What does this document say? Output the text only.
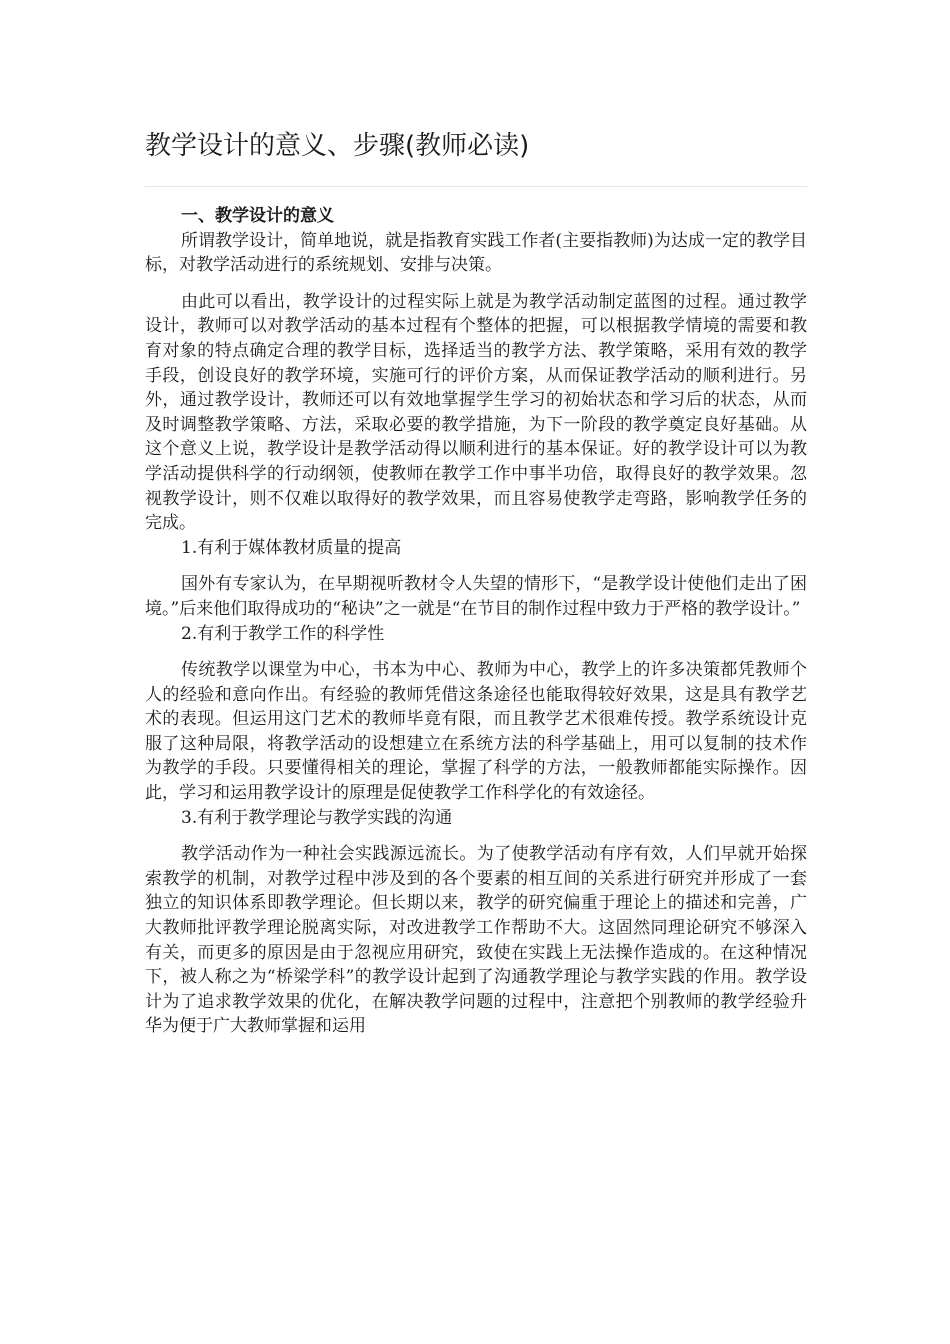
教学设计的意义、步骤(教师必读)

一、教学设计的意义

所谓教学设计，简单地说，就是指教育实践工作者(主要指教师)为达成一定的教学目标，对教学活动进行的系统规划、安排与决策。

由此可以看出，教学设计的过程实际上就是为教学活动制定蓝图的过程。通过教学设计，教师可以对教学活动的基本过程有个整体的把握，可以根据教学情境的需要和教育对象的特点确定合理的教学目标，选择适当的教学方法、教学策略，采用有效的教学手段，创设良好的教学环境，实施可行的评价方案，从而保证教学活动的顺利进行。另外，通过教学设计，教师还可以有效地掌握学生学习的初始状态和学习后的状态，从而及时调整教学策略、方法，采取必要的教学措施，为下一阶段的教学奠定良好基础。从这个意义上说，教学设计是教学活动得以顺利进行的基本保证。好的教学设计可以为教学活动提供科学的行动纲领，使教师在教学工作中事半功倍，取得良好的教学效果。忽视教学设计，则不仅难以取得好的教学效果，而且容易使教学走弯路，影响教学任务的完成。

1.有利于媒体教材质量的提高

国外有专家认为，在早期视听教材令人失望的情形下，“是教学设计使他们走出了困境。”后来他们取得成功的“秘诀”之一就是“在节目的制作过程中致力于严格的教学设计。”

2.有利于教学工作的科学性

传统教学以课堂为中心，书本为中心、教师为中心，教学上的许多决策都凭教师个人的经验和意向作出。有经验的教师凭借这条途径也能取得较好效果，这是具有教学艺术的表现。但运用这门艺术的教师毕竟有限，而且教学艺术很难传授。教学系统设计克服了这种局限，将教学活动的设想建立在系统方法的科学基础上，用可以复制的技术作为教学的手段。只要懂得相关的理论，掌握了科学的方法，一般教师都能实际操作。因此，学习和运用教学设计的原理是促使教学工作科学化的有效途径。

3.有利于教学理论与教学实践的沟通

教学活动作为一种社会实践源远流长。为了使教学活动有序有效，人们早就开始探索教学的机制，对教学过程中涉及到的各个要素的相互间的关系进行研究并形成了一套独立的知识体系即教学理论。但长期以来，教学的研究偏重于理论上的描述和完善，广大教师批评教学理论脱离实际，对改进教学工作帮助不大。这固然同理论研究不够深入有关，而更多的原因是由于忽视应用研究，致使在实践上无法操作造成的。在这种情况下，被人称之为“桥梁学科”的教学设计起到了沟通教学理论与教学实践的作用。教学设计为了追求教学效果的优化，在解决教学问题的过程中，注意把个别教师的教学经验升华为便于广大教师掌握和运用
